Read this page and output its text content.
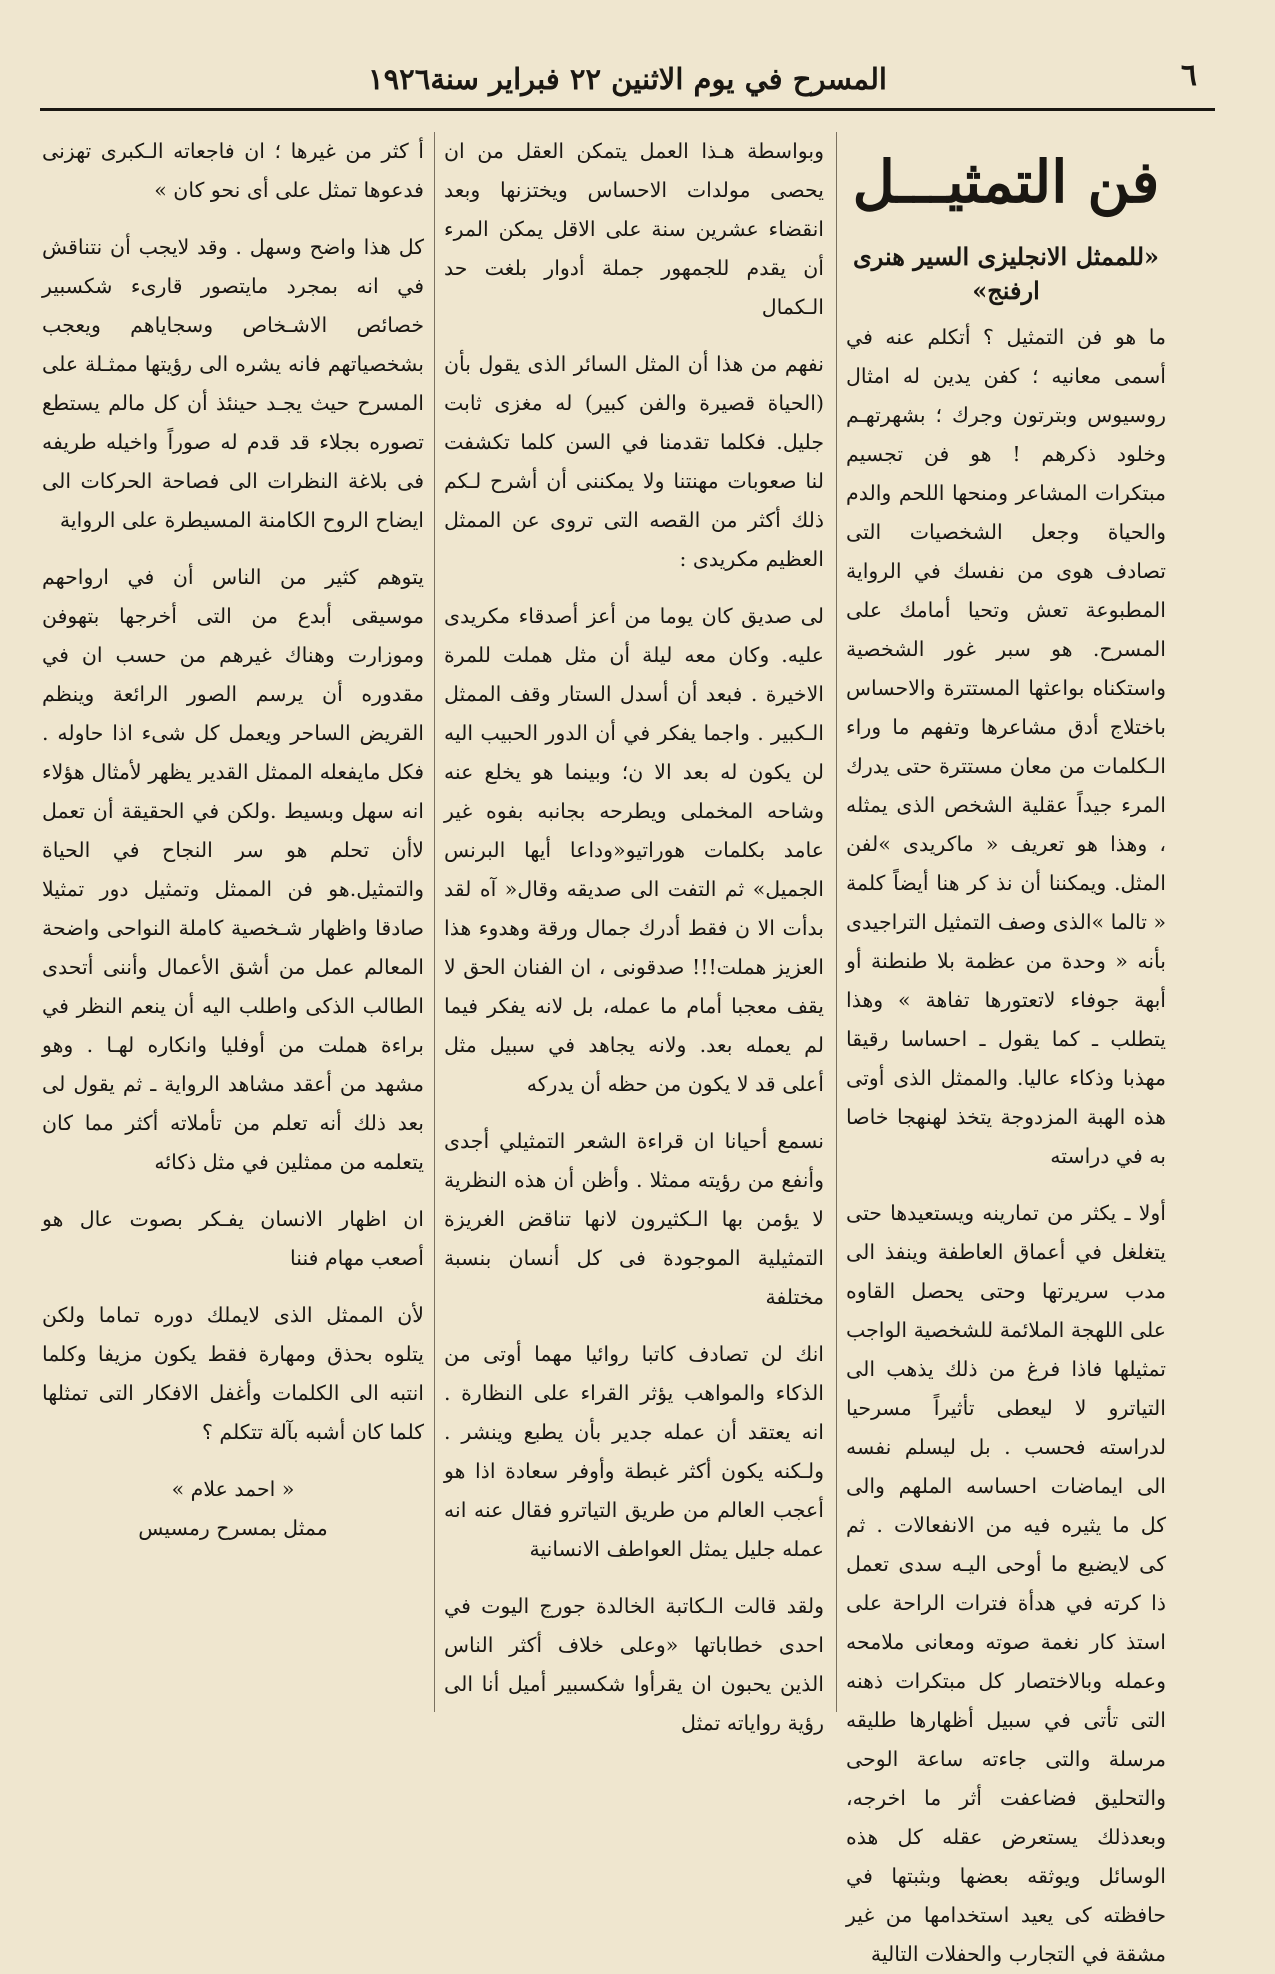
٦
المسرح في يوم الاثنين ٢٢ فبراير سنة١٩٢٦
فن التمثيـــل
«للممثل الانجليزى السير هنرى ارفنج»

ما هو فن التمثيل ؟ أتكلم عنه في أسمى معانيه ؛ كفن يدين له امثال روسيوس وبترتون وجرك ؛ بشهرتهـم وخلود ذكرهم ! هو فن تجسيم مبتكرات المشاعر ومنحها اللحم والدم والحياة وجعل الشخصيات التى تصادف هوى من نفسك في الرواية المطبوعة تعش وتحيا أمامك على المسرح. هو سبر غور الشخصية واستكناه بواعثها المستترة والاحساس باختلاج أدق مشاعرها وتفهم ما وراء الـكلمات من معان مستترة حتى يدرك المرء جيداً عقلية الشخص الذى يمثله ، وهذا هو تعريف « ماكريدى »لفن المثل. ويمكننا أن نذ كر هنا أيضاً كلمة « تالما »الذى وصف التمثيل التراجيدى بأنه « وحدة من عظمة بلا طنطنة أو أبهة جوفاء لاتعتورها تفاهة » وهذا يتطلب ـ كما يقول ـ احساسا رقيقا مهذبا وذكاء عاليا. والممثل الذى أوتى هذه الهبة المزدوجة يتخذ لهنهجا خاصا به في دراسته

أولا ـ يكثر من تمارينه ويستعيدها حتى يتغلغل في أعماق العاطفة وينفذ الى مدب سريرتها وحتى يحصل القاوه على اللهجة الملائمة للشخصية الواجب تمثيلها فاذا فرغ من ذلك يذهب الى التياترو لا ليعطى تأثيراً مسرحيا لدراسته فحسب . بل ليسلم نفسه الى ايماضات احساسه الملهم والى كل ما يثيره فيه من الانفعالات . ثم كى لايضيع ما أوحى اليـه سدى تعمل ذا كرته في هدأة فترات الراحة على استذ كار نغمة صوته ومعانى ملامحه وعمله وبالاختصار كل مبتكرات ذهنه التى تأتى في سبيل أظهارها طليقه مرسلة والتى جاءته ساعة الوحى والتحليق فضاعفت أثر ما اخرجه، وبعدذلك يستعرض عقله كل هذه الوسائل ويوثقه بعضها وبثبتها في حافظته كى يعيد استخدامها من غير مشقة في التجارب والحفلات التالية

وبواسطة هـذا العمل يتمكن العقل من ان يحصى مولدات الاحساس ويختزنها وبعد انقضاء عشرين سنة على الاقل يمكن المرء أن يقدم للجمهور جملة أدوار بلغت حد الـكمال

نفهم من هذا أن المثل السائر الذى يقول بأن (الحياة قصيرة والفن كبير) له مغزى ثابت جليل. فكلما تقدمنا في السن كلما تكشفت لنا صعوبات مهنتنا ولا يمكننى أن أشرح لـكم ذلك أكثر من القصه التى تروى عن الممثل العظيم مكريدى :

لى صديق كان يوما من أعز أصدقاء مكريدى عليه. وكان معه ليلة أن مثل هملت للمرة الاخيرة . فبعد أن أسدل الستار وقف الممثل الـكبير . واجما يفكر في أن الدور الحبيب اليه لن يكون له بعد الا ن؛ وبينما هو يخلع عنه وشاحه المخملى ويطرحه بجانبه بفوه غير عامد بكلمات هوراتيو«وداعا أيها البرنس الجميل» ثم التفت الى صديقه وقال« آه لقد بدأت الا ن فقط أدرك جمال ورقة وهدوء هذا العزيز هملت!!! صدقونى ، ان الفنان الحق لا يقف معجبا أمام ما عمله، بل لانه يفكر فيما لم يعمله بعد. ولانه يجاهد في سبيل مثل أعلى قد لا يكون من حظه أن يدركه

نسمع أحيانا ان قراءة الشعر التمثيلي أجدى وأنفع من رؤيته ممثلا . وأظن أن هذه النظرية لا يؤمن بها الـكثيرون لانها تناقض الغريزة التمثيلية الموجودة فى كل أنسان بنسبة مختلفة

انك لن تصادف كاتبا روائيا مهما أوتى من الذكاء والمواهب يؤثر القراء على النظارة . انه يعتقد أن عمله جدير بأن يطبع وينشر . ولـكنه يكون أكثر غبطة وأوفر سعادة اذا هو أعجب العالم من طريق التياترو فقال عنه انه عمله جليل يمثل العواطف الانسانية

ولقد قالت الـكاتبة الخالدة جورج اليوت في احدى خطاباتها «وعلى خلاف أكثر الناس الذين يحبون ان يقرأوا شكسبير أميل أنا الى رؤية رواياته تمثل

أ كثر من غيرها ؛ ان فاجعاته الـكبرى تهزنى فدعوها تمثل على أى نحو كان »

كل هذا واضح وسهل . وقد لايجب أن نتناقش في انه بمجرد مايتصور قارىء شكسبير خصائص الاشـخاص وسجاياهم ويعجب بشخصياتهم فانه يشره الى رؤيتها ممثـلة على المسرح حيث يجـد حينئذ أن كل مالم يستطع تصوره بجلاء قد قدم له صوراً واخيله طريفه فى بلاغة النظرات الى فصاحة الحركات الى ايضاح الروح الكامنة المسيطرة على الرواية

يتوهم كثير من الناس أن في ارواحهم موسيقى أبدع من التى أخرجها بتهوفن وموزارت وهناك غيرهم من حسب ان في مقدوره أن يرسم الصور الرائعة وينظم القريض الساحر ويعمل كل شىء اذا حاوله . فكل مايفعله الممثل القدير يظهر لأمثال هؤلاء انه سهل وبسيط .ولكن في الحقيقة أن تعمل لاأن تحلم هو سر النجاح في الحياة والتمثيل.هو فن الممثل وتمثيل دور تمثيلا صادقا واظهار شـخصية كاملة النواحى واضحة المعالم عمل من أشق الأعمال وأننى أتحدى الطالب الذكى واطلب اليه أن ينعم النظر في براءة هملت من أوفليا وانكاره لهـا . وهو مشهد من أعقد مشاهد الرواية ـ ثم يقول لى بعد ذلك أنه تعلم من تأملاته أكثر مما كان يتعلمه من ممثلين في مثل ذكائه

ان اظهار الانسان يفـكر بصوت عال هو أصعب مهام فننا

لأن الممثل الذى لايملك دوره تماما ولكن يتلوه بحذق ومهارة فقط يكون مزيفا وكلما انتبه الى الكلمات وأغفل الافكار التى تمثلها كلما كان أشبه بآلة تتكلم ؟

« احمد علام »
ممثل بمسرح رمسيس
